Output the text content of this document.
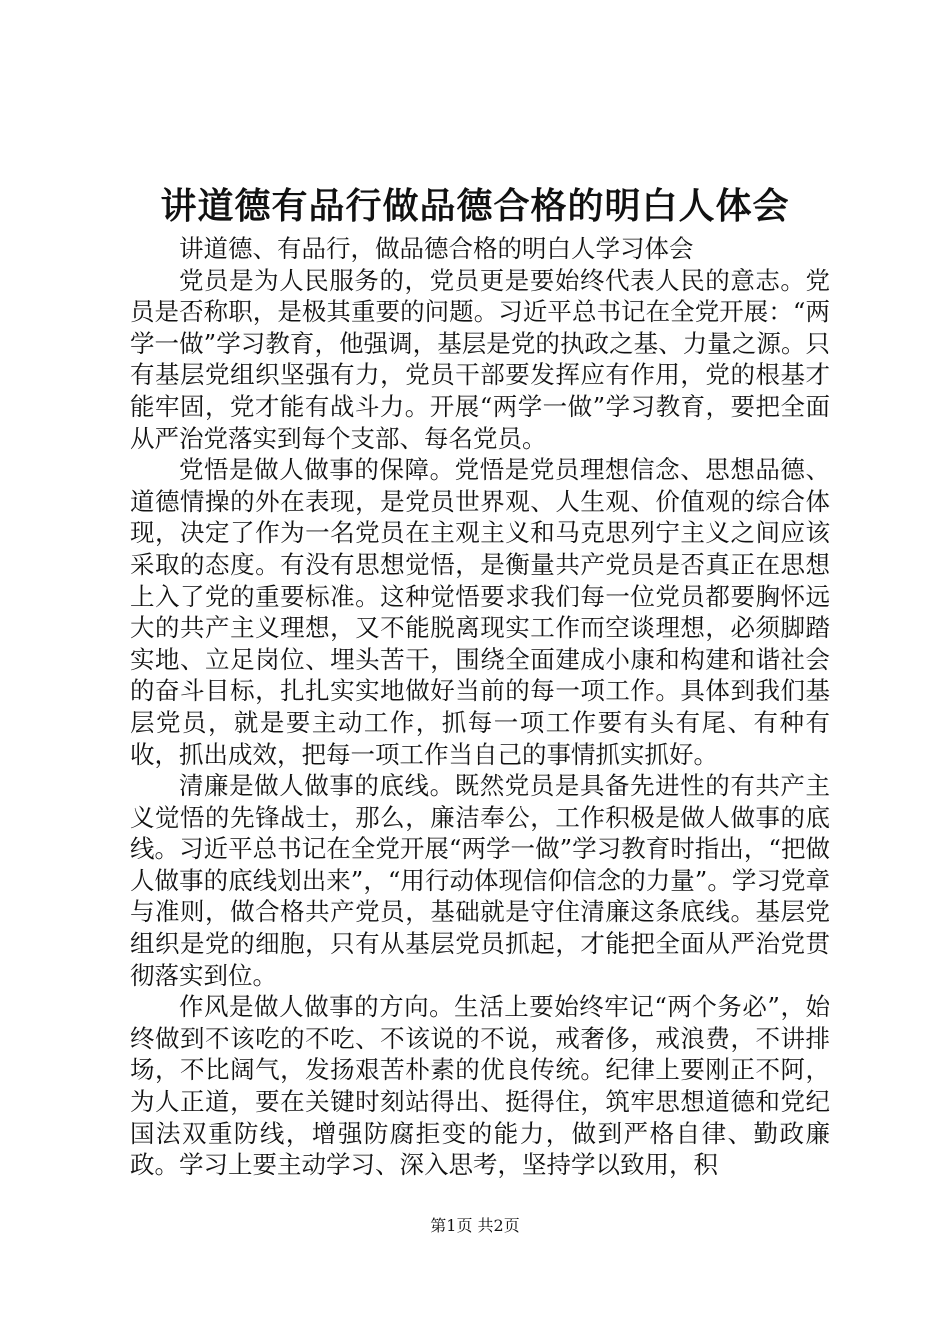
讲道德有品行做品德合格的明白人体会

讲道德、有品行，做品德合格的明白人学习体会

党员是为人民服务的，党员更是要始终代表人民的意志。党员是否称职，是极其重要的问题。习近平总书记在全党开展：“两学一做”学习教育，他强调，基层是党的执政之基、力量之源。只有基层党组织坚强有力，党员干部要发挥应有作用，党的根基才能牢固，党才能有战斗力。开展“两学一做”学习教育，要把全面从严治党落实到每个支部、每名党员。

党悟是做人做事的保障。党悟是党员理想信念、思想品德、道德情操的外在表现，是党员世界观、人生观、价值观的综合体现，决定了作为一名党员在主观主义和马克思列宁主义之间应该采取的态度。有没有思想觉悟，是衡量共产党员是否真正在思想上入了党的重要标准。这种觉悟要求我们每一位党员都要胸怀远大的共产主义理想，又不能脱离现实工作而空谈理想，必须脚踏实地、立足岗位、埋头苦干，围绕全面建成小康和构建和谐社会的奋斗目标，扎扎实实地做好当前的每一项工作。具体到我们基层党员，就是要主动工作，抓每一项工作要有头有尾、有种有收，抓出成效，把每一项工作当自己的事情抓实抓好。

清廉是做人做事的底线。既然党员是具备先进性的有共产主义觉悟的先锋战士，那么，廉洁奉公，工作积极是做人做事的底线。习近平总书记在全党开展“两学一做”学习教育时指出，“把做人做事的底线划出来”，“用行动体现信仰信念的力量”。学习党章与准则，做合格共产党员，基础就是守住清廉这条底线。基层党组织是党的细胞，只有从基层党员抓起，才能把全面从严治党贯彻落实到位。

作风是做人做事的方向。生活上要始终牢记“两个务必”，始终做到不该吃的不吃、不该说的不说，戒奢侈，戒浪费，不讲排场，不比阔气，发扬艰苦朴素的优良传统。纪律上要刚正不阿，为人正道，要在关键时刻站得出、挺得住，筑牢思想道德和党纪国法双重防线，增强防腐拒变的能力，做到严格自律、勤政廉政。学习上要主动学习、深入思考，坚持学以致用，积

第1页 共2页
